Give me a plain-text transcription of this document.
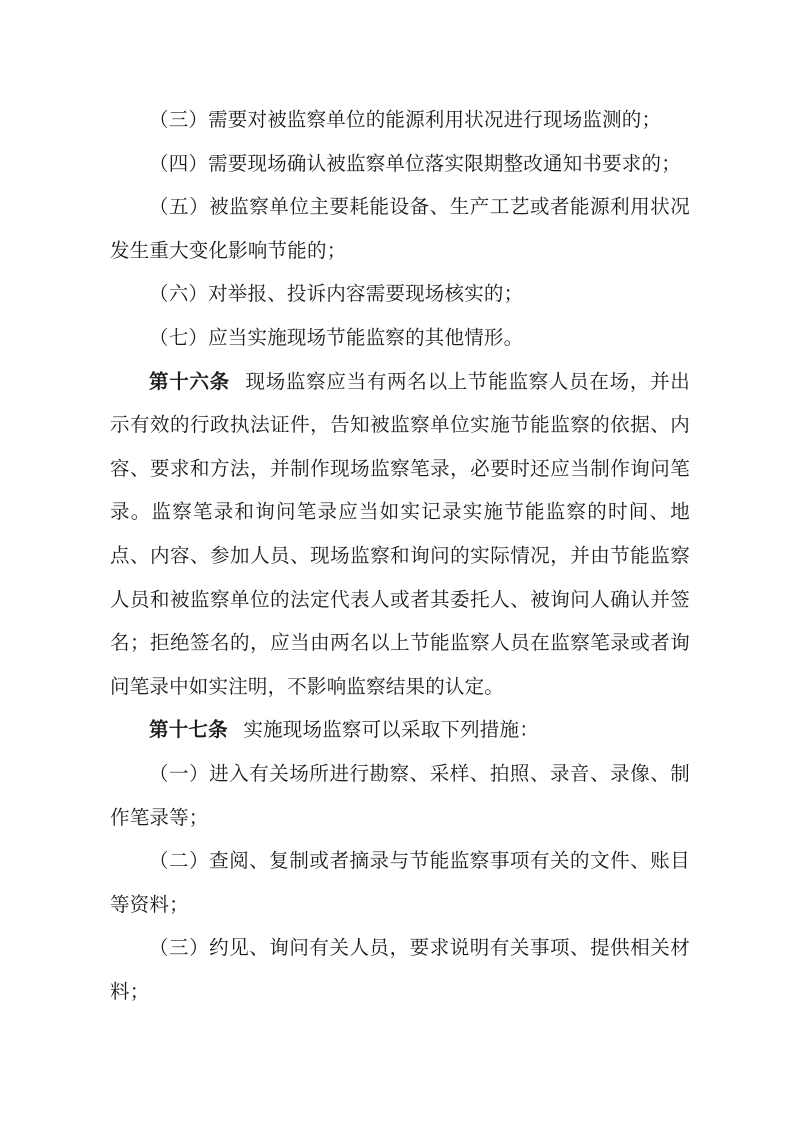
（三）需要对被监察单位的能源利用状况进行现场监测的；

（四）需要现场确认被监察单位落实限期整改通知书要求的；

（五）被监察单位主要耗能设备、生产工艺或者能源利用状况发生重大变化影响节能的；

（六）对举报、投诉内容需要现场核实的；

（七）应当实施现场节能监察的其他情形。

第十六条 现场监察应当有两名以上节能监察人员在场，并出示有效的行政执法证件，告知被监察单位实施节能监察的依据、内容、要求和方法，并制作现场监察笔录，必要时还应当制作询问笔录。监察笔录和询问笔录应当如实记录实施节能监察的时间、地点、内容、参加人员、现场监察和询问的实际情况，并由节能监察人员和被监察单位的法定代表人或者其委托人、被询问人确认并签名；拒绝签名的，应当由两名以上节能监察人员在监察笔录或者询问笔录中如实注明，不影响监察结果的认定。

第十七条 实施现场监察可以采取下列措施：

（一）进入有关场所进行勘察、采样、拍照、录音、录像、制作笔录等；

（二）查阅、复制或者摘录与节能监察事项有关的文件、账目等资料；

（三）约见、询问有关人员，要求说明有关事项、提供相关材料；
